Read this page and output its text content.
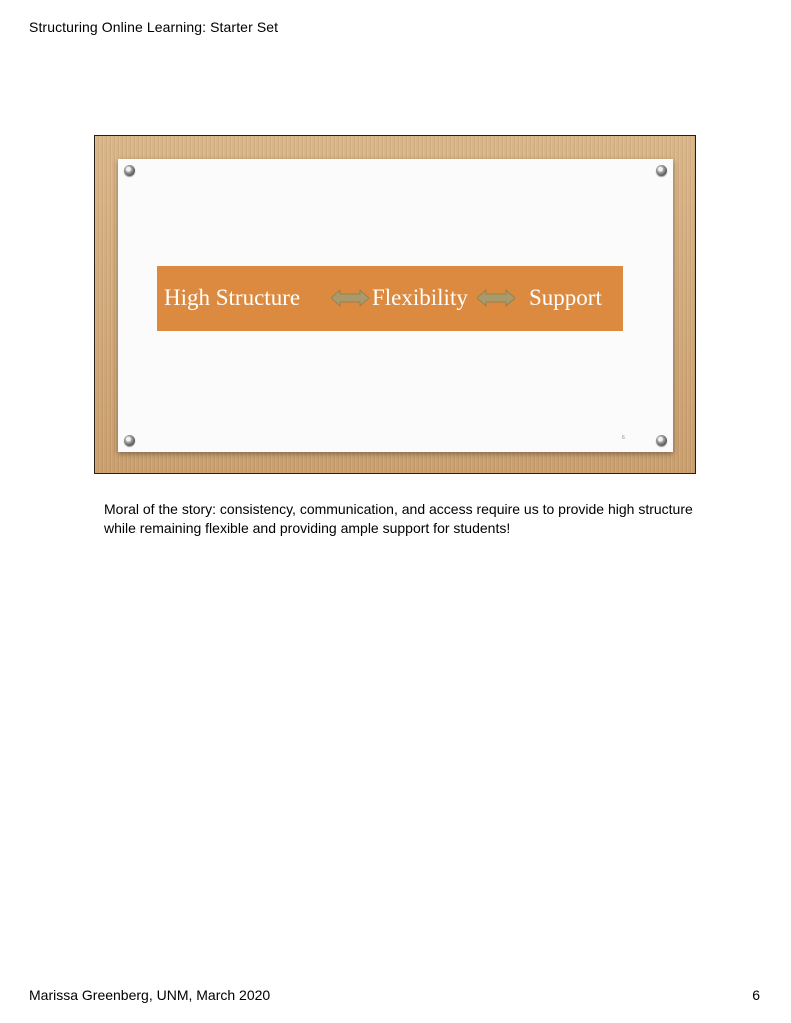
Structuring Online Learning: Starter Set
High Structure	Flexibility	Support
6
Moral of the story: consistency, communication, and access require us to provide high structure while remaining flexible and providing ample support for students!
Marissa Greenberg, UNM, March 2020	6
